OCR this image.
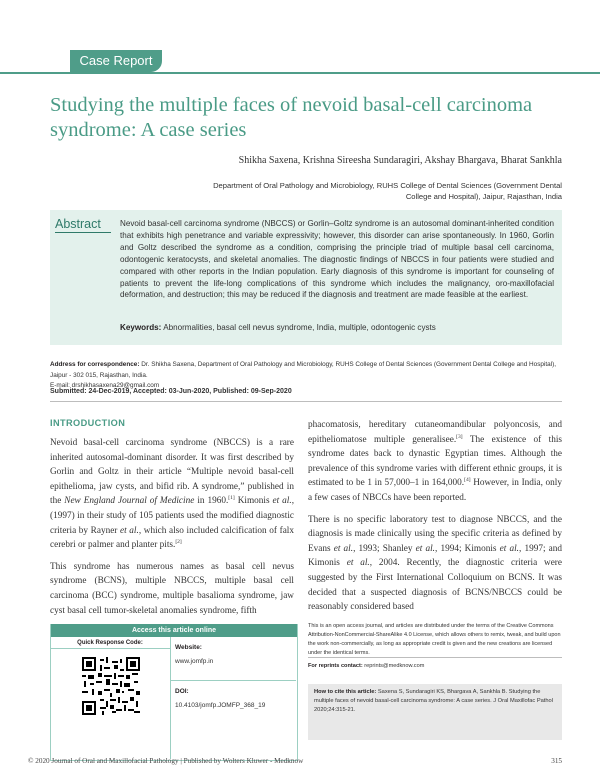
Case Report
Studying the multiple faces of nevoid basal-cell carcinoma syndrome: A case series
Shikha Saxena, Krishna Sireesha Sundaragiri, Akshay Bhargava, Bharat Sankhla
Department of Oral Pathology and Microbiology, RUHS College of Dental Sciences (Government Dental College and Hospital), Jaipur, Rajasthan, India
Abstract	Nevoid basal-cell carcinoma syndrome (NBCCS) or Gorlin–Goltz syndrome is an autosomal dominant-inherited condition that exhibits high penetrance and variable expressivity; however, this disorder can arise spontaneously. In 1960, Gorlin and Goltz described the syndrome as a condition, comprising the principle triad of multiple basal cell carcinoma, odontogenic keratocysts, and skeletal anomalies. The diagnostic findings of NBCCS in four patients were studied and compared with other reports in the Indian population. Early diagnosis of this syndrome is important for counseling of patients to prevent the life-long complications of this syndrome which includes the malignancy, oro-maxillofacial deformation, and destruction; this may be reduced if the diagnosis and treatment are made feasible at the earliest.
Keywords: Abnormalities, basal cell nevus syndrome, India, multiple, odontogenic cysts
Address for correspondence: Dr. Shikha Saxena, Department of Oral Pathology and Microbiology, RUHS College of Dental Sciences (Government Dental College and Hospital), Jaipur - 302 015, Rajasthan, India.
E-mail: drshikhasaxena29@gmail.com
Submitted: 24-Dec-2019, Accepted: 03-Jun-2020, Published: 09-Sep-2020
INTRODUCTION

Nevoid basal-cell carcinoma syndrome (NBCCS) is a rare inherited autosomal-dominant disorder. It was first described by Gorlin and Goltz in their article “Multiple nevoid basal-cell epithelioma, jaw cysts, and bifid rib. A syndrome,” published in the New England Journal of Medicine in 1960.[1] Kimonis et al., (1997) in their study of 105 patients used the modified diagnostic criteria by Rayner et al., which also included calcification of falx cerebri or palmer and planter pits.[2]

This syndrome has numerous names as basal cell nevus syndrome (BCNS), multiple NBCCS, multiple basal cell carcinoma (BCC) syndrome, multiple basalioma syndrome, jaw cyst basal cell tumor-skeletal anomalies syndrome, fifth

phacomatosis, hereditary cutaneomandibular polyoncosis, and epitheliomatose multiple generalisee.[3] The existence of this syndrome dates back to dynastic Egyptian times. Although the prevalence of this syndrome varies with different ethnic groups, it is estimated to be 1 in 57,000–1 in 164,000.[4] However, in India, only a few cases of NBCCs have been reported.

There is no specific laboratory test to diagnose NBCCS, and the diagnosis is made clinically using the specific criteria as defined by Evans et al., 1993; Shanley et al., 1994; Kimonis et al., 1997; and Kimonis et al., 2004. Recently, the diagnostic criteria were suggested by the First International Colloquium on BCNS. It was decided that a suspected diagnosis of BCNS/NBCCS could be reasonably considered based

Access this article online
Quick Response Code:
Website:
www.jomfp.in
DOI:
10.4103/jomfp.JOMFP_368_19
This is an open access journal, and articles are distributed under the terms of the Creative Commons Attribution-NonCommercial-ShareAlike 4.0 License, which allows others to remix, tweak, and build upon the work non-commercially, as long as appropriate credit is given and the new creations are licensed under the identical terms.
For reprints contact: reprints@medknow.com
How to cite this article: Saxena S, Sundaragiri KS, Bhargava A, Sankhla B. Studying the multiple faces of nevoid basal-cell carcinoma syndrome: A case series. J Oral Maxillofac Pathol 2020;24:315-21.
© 2020 Journal of Oral and Maxillofacial Pathology | Published by Wolters Kluwer - Medknow	315
